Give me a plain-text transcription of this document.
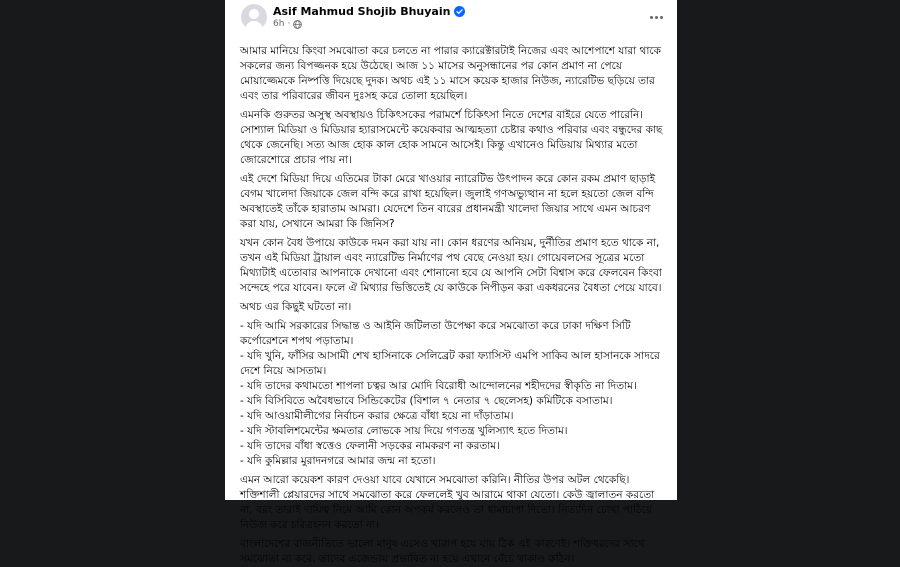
Asif Mahmud Shojib Bhuyain
6h ·

আমার মানিয়ে কিংবা সমঝোতা করে চলতে না পারার ক্যারেক্টারটাই নিজের এবং আশেপাশে যারা থাকে সকলের জন্য বিপজ্জনক হয়ে উঠেছে। আজ ১১ মাসের অনুসন্ধানের পর কোন প্রমাণ না পেয়ে মোয়াজ্জেমকে নিষ্পত্তি দিয়েছে দুদক। অথচ এই ১১ মাসে কয়েক হাজার নিউজ, ন্যারেটিভ ছড়িয়ে তার এবং তার পরিবারের জীবন দুঃসহ করে তোলা হয়েছিল।

এমনকি গুরুতর অসুস্থ অবস্থায়ও চিকিৎসকের পরামর্শে চিকিৎসা নিতে দেশের বাইরে যেতে পারেনি। সোশ্যাল মিডিয়া ও মিডিয়ার হ্যারাসমেন্টে কয়েকবার আত্মহত্যা চেষ্টার কথাও পরিবার এবং বন্ধুদের কাছ থেকে জেনেছি। সত্য আজ হোক কাল হোক সামনে আসেই। কিন্তু এখানেও মিডিয়ায় মিথ্যার মতো জোরেশোরে প্রচার পায় না।

এই দেশে মিডিয়া দিয়ে এতিমের টাকা মেরে খাওয়ার ন্যারেটিভ উৎপাদন করে কোন রকম প্রমাণ ছাড়াই বেগম খালেদা জিয়াকে জেল বন্দি করে রাখা হয়েছিল। জুলাই গণঅভ্যুত্থান না হলে হয়তো জেল বন্দি অবস্থাতেই তাঁকে হারাতাম আমরা। যেদেশে তিন বারের প্রধানমন্ত্রী খালেদা জিয়ার সাথে এমন আচরণ করা যায়, সেখানে আমরা কি জিনিস?

যখন কোন বৈধ উপায়ে কাউকে দমন করা যায় না। কোন ধরণের অনিয়ম, দুর্নীতির প্রমাণ হতে থাকে না, তখন এই মিডিয়া ট্রায়াল এবং ন্যারেটিভ নির্মাণের পথ বেছে নেওয়া হয়। গোয়েবলসের সূত্রের মতো মিথ্যাটাই এতোবার আপনাকে দেখানো এবং শোনানো হবে যে আপনি সেটা বিশ্বাস করে ফেলবেন কিংবা সন্দেহে পরে যাবেন। ফলে ঐ মিথ্যার ভিত্তিতেই যে কাউকে নিপীড়ন করা একধরনের বৈধতা পেয়ে যাবে।

অথচ এর কিছুই ঘটতো না।

- যদি আমি সরকারের সিদ্ধান্ত ও আইনি জটিলতা উপেক্ষা করে সমঝোতা করে ঢাকা দক্ষিণ সিটি কর্পোরেশনে শপথ পড়াতাম।
- যদি খুনি, ফাঁসির আসামী শেখ হাসিনাকে সেলিব্রেট করা ফ্যাসিস্ট এমপি সাকিব আল হাসানকে সাদরে দেশে নিয়ে আসতাম।
- যদি তাদের কথামতো শাপলা চত্বর আর মোদি বিরোধী আন্দোলনের শহীদদের স্বীকৃতি না দিতাম।
- যদি বিসিবিতে অবৈধভাবে সিন্ডিকেটের (বিশাল ৭ নেতার ৭ ছেলেসহ) কমিটিকে বসাতাম।
- যদি আওয়ামীলীগের নির্বাচন করার ক্ষেত্রে বাঁধা হয়ে না দাঁড়াতাম।
- যদি স্টাবলিশমেন্টের ক্ষমতার লোভকে সায় দিয়ে গণতন্ত্র খুলিস্যাৎ হতে দিতাম।
- যদি তাদের বাঁধা স্বত্তেও ফেলানী সড়কের নামকরণ না করতাম।
- যদি কুমিল্লার মুরাদনগরে আমার জন্ম না হতো।

এমন আরো কয়েকশ কারণ দেওয়া যাবে যেখানে সমঝোতা করিনি। নীতির উপর অটল থেকেছি। শক্তিশালী প্লেয়ারদের সাথে সমঝোতা করে ফেললেই খুব আরামে থাকা যেতো। কেউ জ্বালাতন করতো না, বরং তারাই দায়িত্ব নিয়ে আমি কোন অপকর্ম করলেও তা ধামাচাপা দিতো। নিত্যদিন চোখা পাঠিয়ে নিউজ করে চরিত্রহনন করতো না।

বাংলাদেশের রাজনীতিতে ভালো মানুষ এসেও খারাপ হয়ে যায় ঠিক এই কারণেই। শক্তিধরদের সাথে সমঝোতা না করে, তাদের এজেন্ডায় প্রভাবিত না হয়ে এখানে বেঁচে থাকাও কঠিন।
